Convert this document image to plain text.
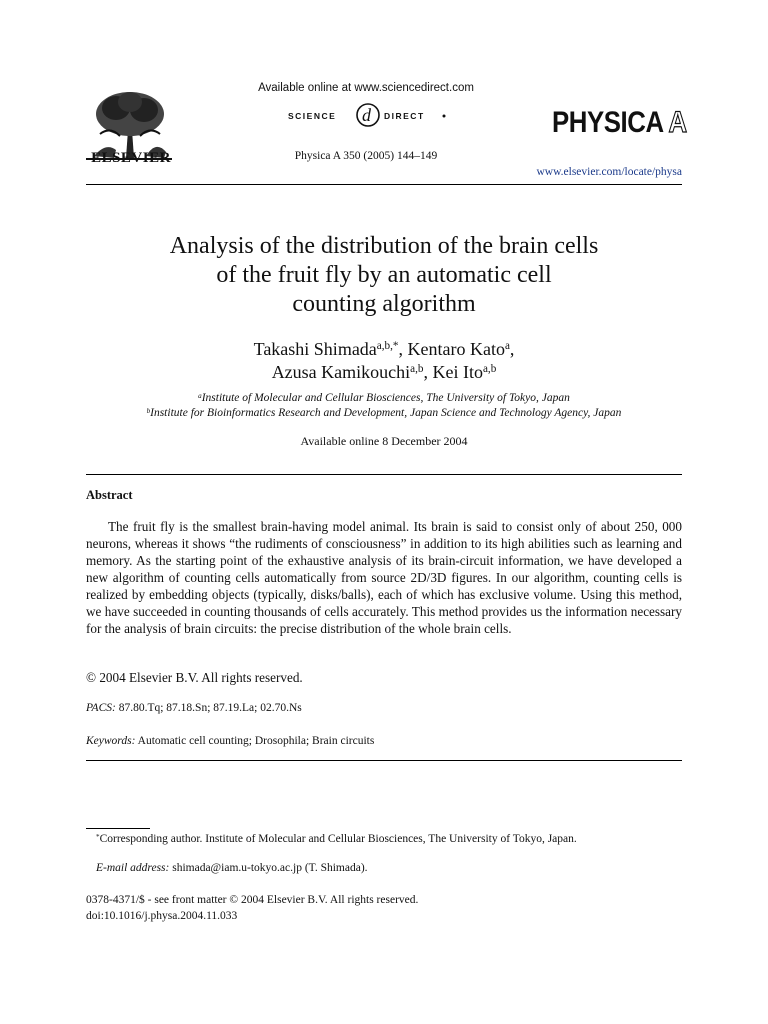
ELSEVIER
Available online at www.sciencedirect.com
SCIENCE d DIRECT
Physica A 350 (2005) 144–149
PHYSICA A
www.elsevier.com/locate/physa
Analysis of the distribution of the brain cells
of the fruit fly by an automatic cell
counting algorithm
Takashi Shimada$^{a,b,*}$, Kentaro Kato$^a$,
Azusa Kamikouchi$^{a,b}$, Kei Ito$^{a,b}$
$^a$Institute of Molecular and Cellular Biosciences, The University of Tokyo, Japan
$^b$Institute for Bioinformatics Research and Development, Japan Science and Technology Agency, Japan
Available online 8 December 2004
Abstract

The fruit fly is the smallest brain-having model animal. Its brain is said to consist only of about 250, 000 neurons, whereas it shows “the rudiments of consciousness” in addition to its high abilities such as learning and memory. As the starting point of the exhaustive analysis of its brain-circuit information, we have developed a new algorithm of counting cells automatically from source 2D/3D figures. In our algorithm, counting cells is realized by embedding objects (typically, disks/balls), each of which has exclusive volume. Using this method, we have succeeded in counting thousands of cells accurately. This method provides us the information necessary for the analysis of brain circuits: the precise distribution of the whole brain cells.

© 2004 Elsevier B.V. All rights reserved.
PACS: 87.80.Tq; 87.18.Sn; 87.19.La; 02.70.Ns
Keywords: Automatic cell counting; Drosophila; Brain circuits

*Corresponding author. Institute of Molecular and Cellular Biosciences, The University of Tokyo, Japan.

E-mail address: shimada@iam.u-tokyo.ac.jp (T. Shimada).
0378-4371/$ - see front matter © 2004 Elsevier B.V. All rights reserved.
doi:10.1016/j.physa.2004.11.033
